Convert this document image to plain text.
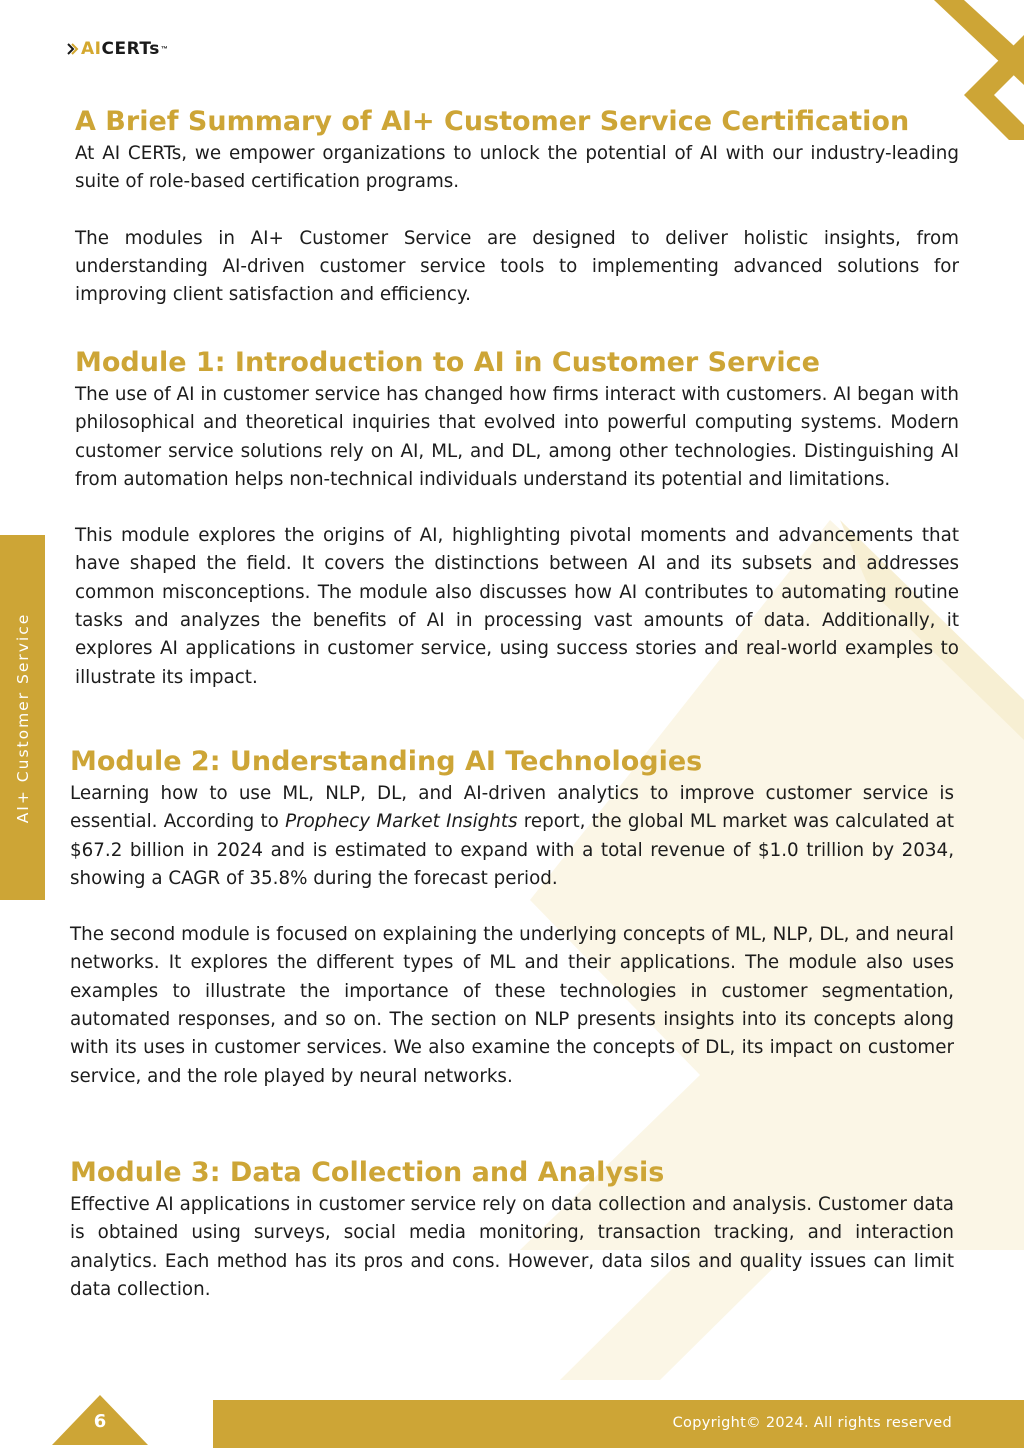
AI CERTs ™
AI+ Customer Service
A Brief Summary of AI+ Customer Service Certification

At AI CERTs, we empower organizations to unlock the potential of AI with our industry-leading suite of role-based certification programs.

The modules in AI+ Customer Service are designed to deliver holistic insights, from understanding AI-driven customer service tools to implementing advanced solutions for improving client satisfaction and efficiency.

Module 1: Introduction to AI in Customer Service

The use of AI in customer service has changed how firms interact with customers. AI began with philosophical and theoretical inquiries that evolved into powerful computing systems. Modern customer service solutions rely on AI, ML, and DL, among other technologies. Distinguishing AI from automation helps non-technical individuals understand its potential and limitations.

This module explores the origins of AI, highlighting pivotal moments and advancements that have shaped the field. It covers the distinctions between AI and its subsets and addresses common misconceptions. The module also discusses how AI contributes to automating routine tasks and analyzes the benefits of AI in processing vast amounts of data. Additionally, it explores AI applications in customer service, using success stories and real-world examples to illustrate its impact.

Module 2: Understanding AI Technologies

Learning how to use ML, NLP, DL, and AI-driven analytics to improve customer service is essential. According to Prophecy Market Insights report, the global ML market was calculated at $67.2 billion in 2024 and is estimated to expand with a total revenue of $1.0 trillion by 2034, showing a CAGR of 35.8% during the forecast period.

The second module is focused on explaining the underlying concepts of ML, NLP, DL, and neural networks. It explores the different types of ML and their applications. The module also uses examples to illustrate the importance of these technologies in customer segmentation, automated responses, and so on. The section on NLP presents insights into its concepts along with its uses in customer services. We also examine the concepts of DL, its impact on customer service, and the role played by neural networks.

Module 3: Data Collection and Analysis

Effective AI applications in customer service rely on data collection and analysis. Customer data is obtained using surveys, social media monitoring, transaction tracking, and interaction analytics. Each method has its pros and cons. However, data silos and quality issues can limit data collection.

6	Copyright© 2024. All rights reserved
